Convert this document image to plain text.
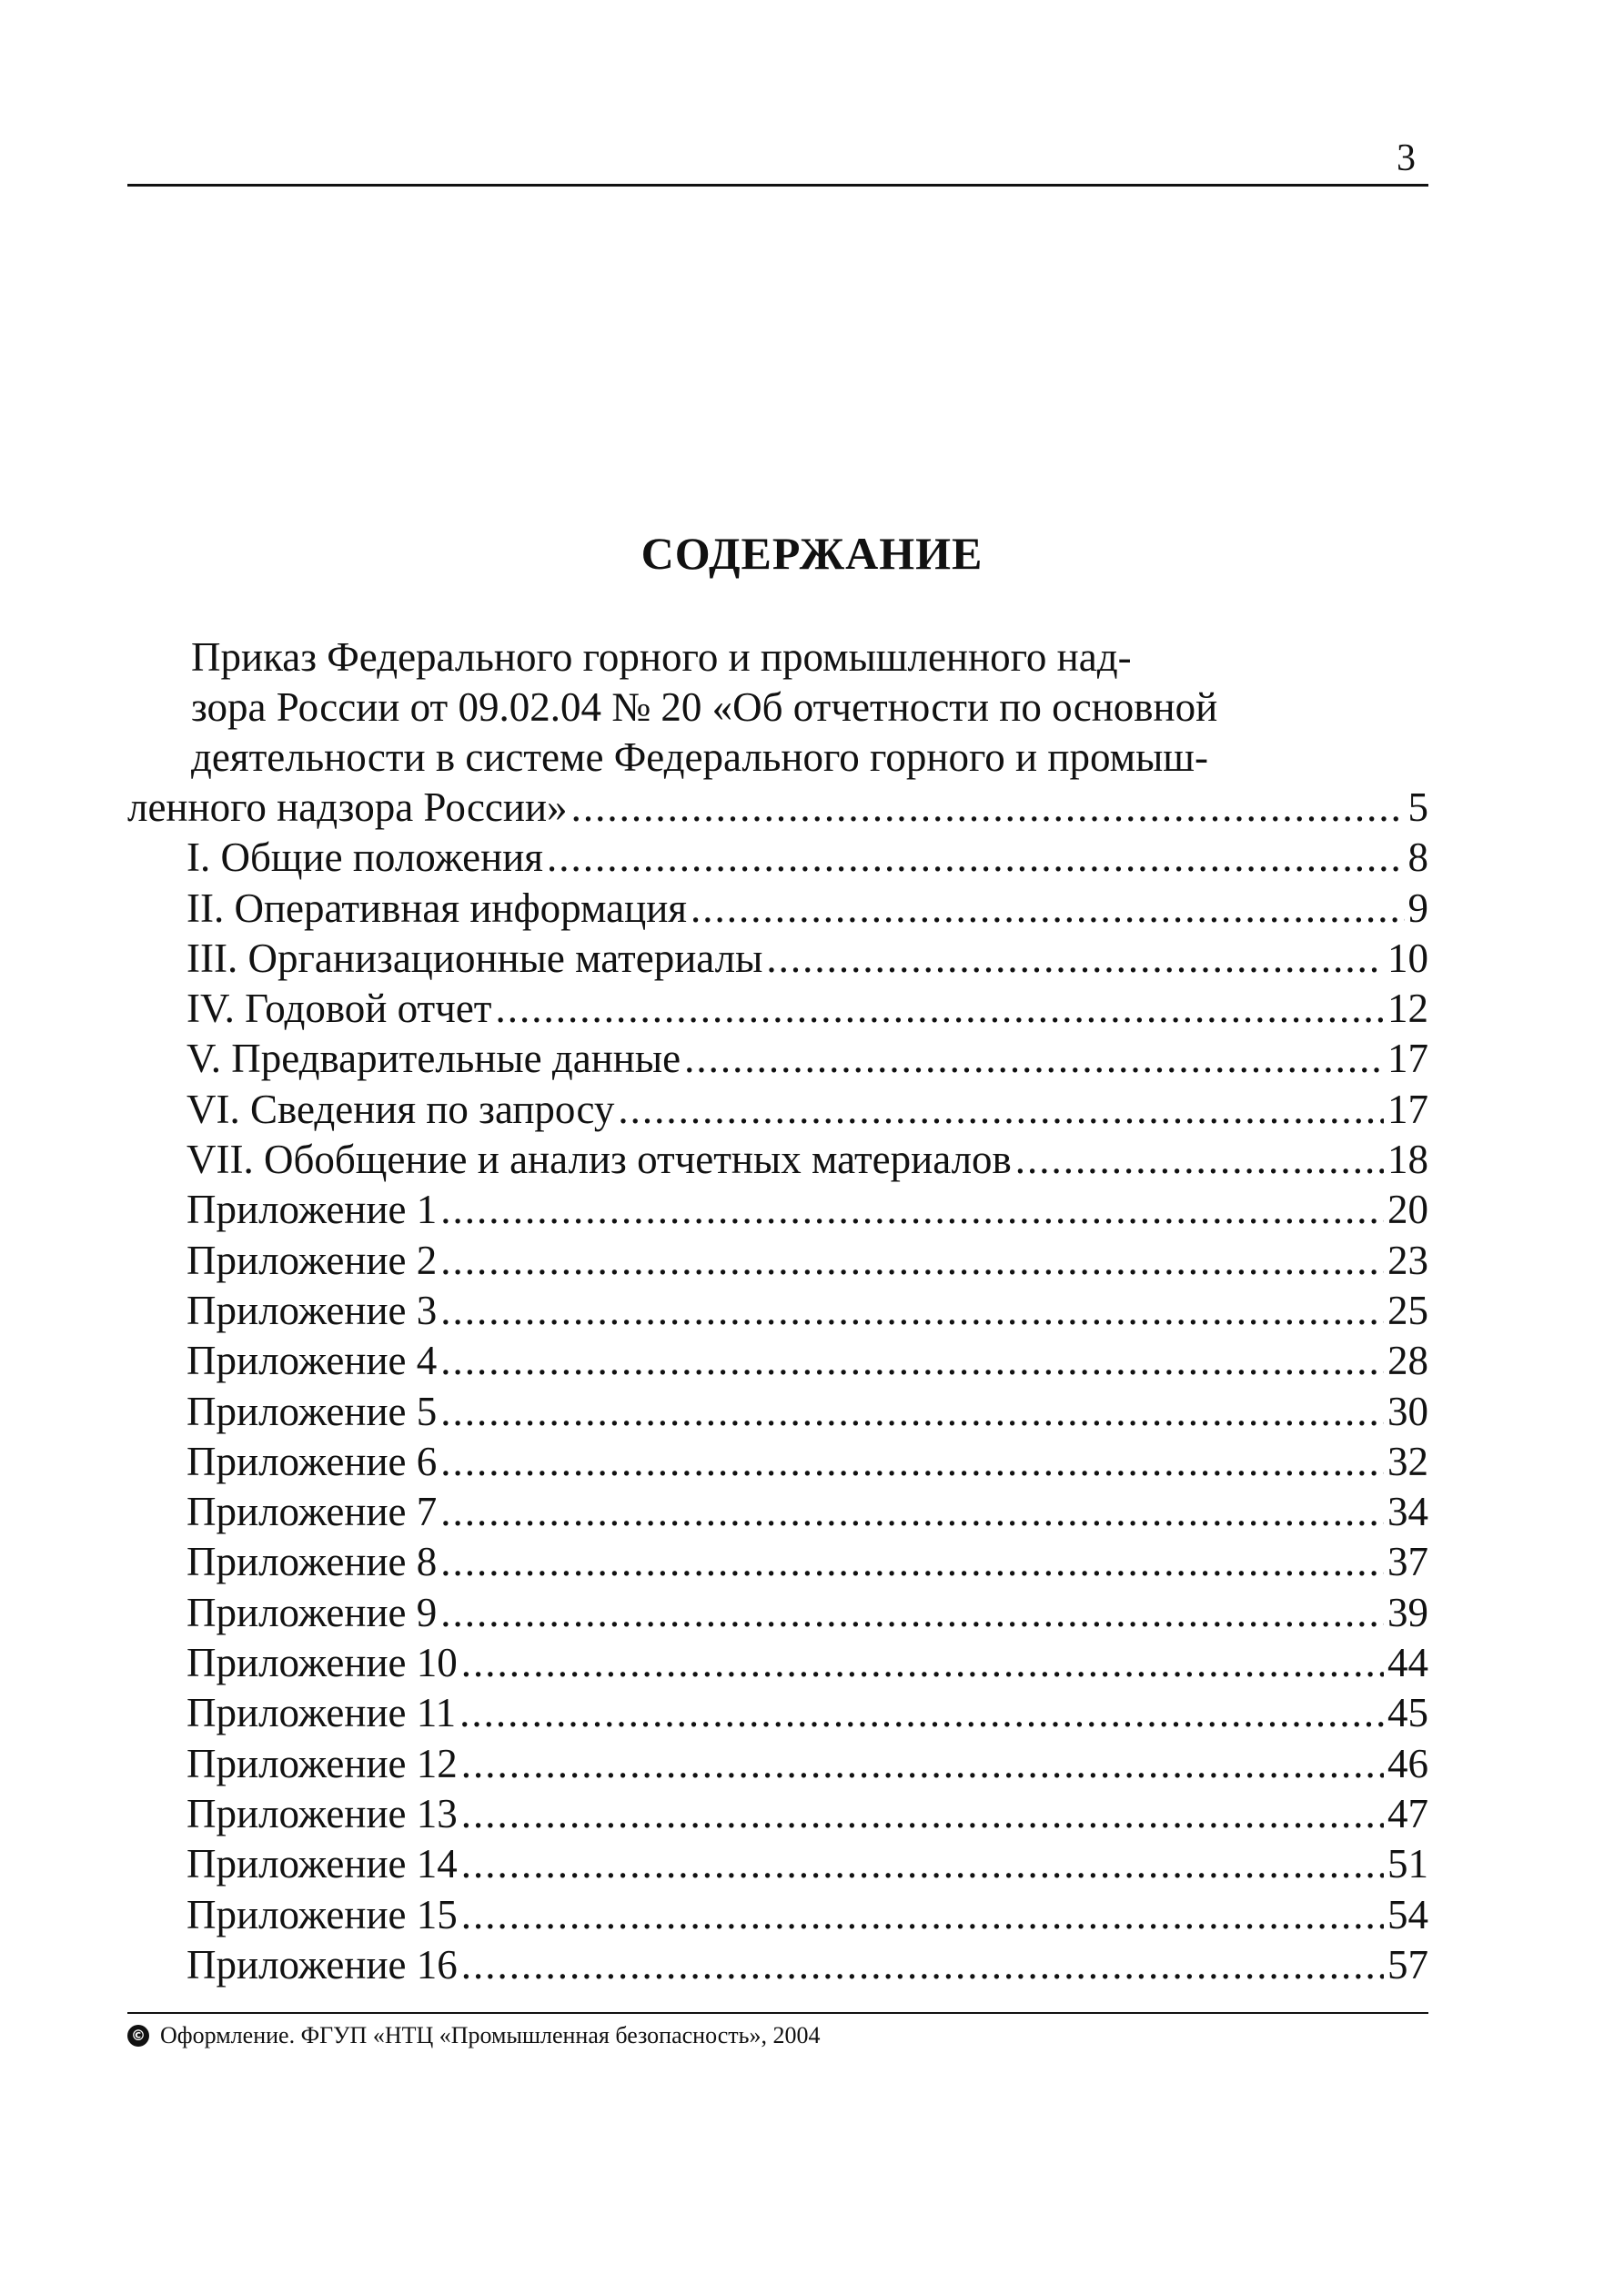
3
СОДЕРЖАНИЕ
Приказ Федерального горного и промышленного над-
зора России от 09.02.04 № 20 «Об отчетности по основной
деятельности в системе Федерального горного и промыш-
ленного надзора России» .....	5
I. Общие положения .....	8
II. Оперативная информация .....	9
III. Организационные материалы .....	10
IV. Годовой отчет .....	12
V. Предварительные данные .....	17
VI. Сведения по запросу .....	17
VII. Обобщение и анализ отчетных материалов .....	18
Приложение 1 .....	20
Приложение 2 .....	23
Приложение 3 .....	25
Приложение 4 .....	28
Приложение 5 .....	30
Приложение 6 .....	32
Приложение 7 .....	34
Приложение 8 .....	37
Приложение 9 .....	39
Приложение 10 .....	44
Приложение 11 .....	45
Приложение 12 .....	46
Приложение 13 .....	47
Приложение 14 .....	51
Приложение 15 .....	54
Приложение 16 .....	57
© Оформление. ФГУП «НТЦ «Промышленная безопасность», 2004
